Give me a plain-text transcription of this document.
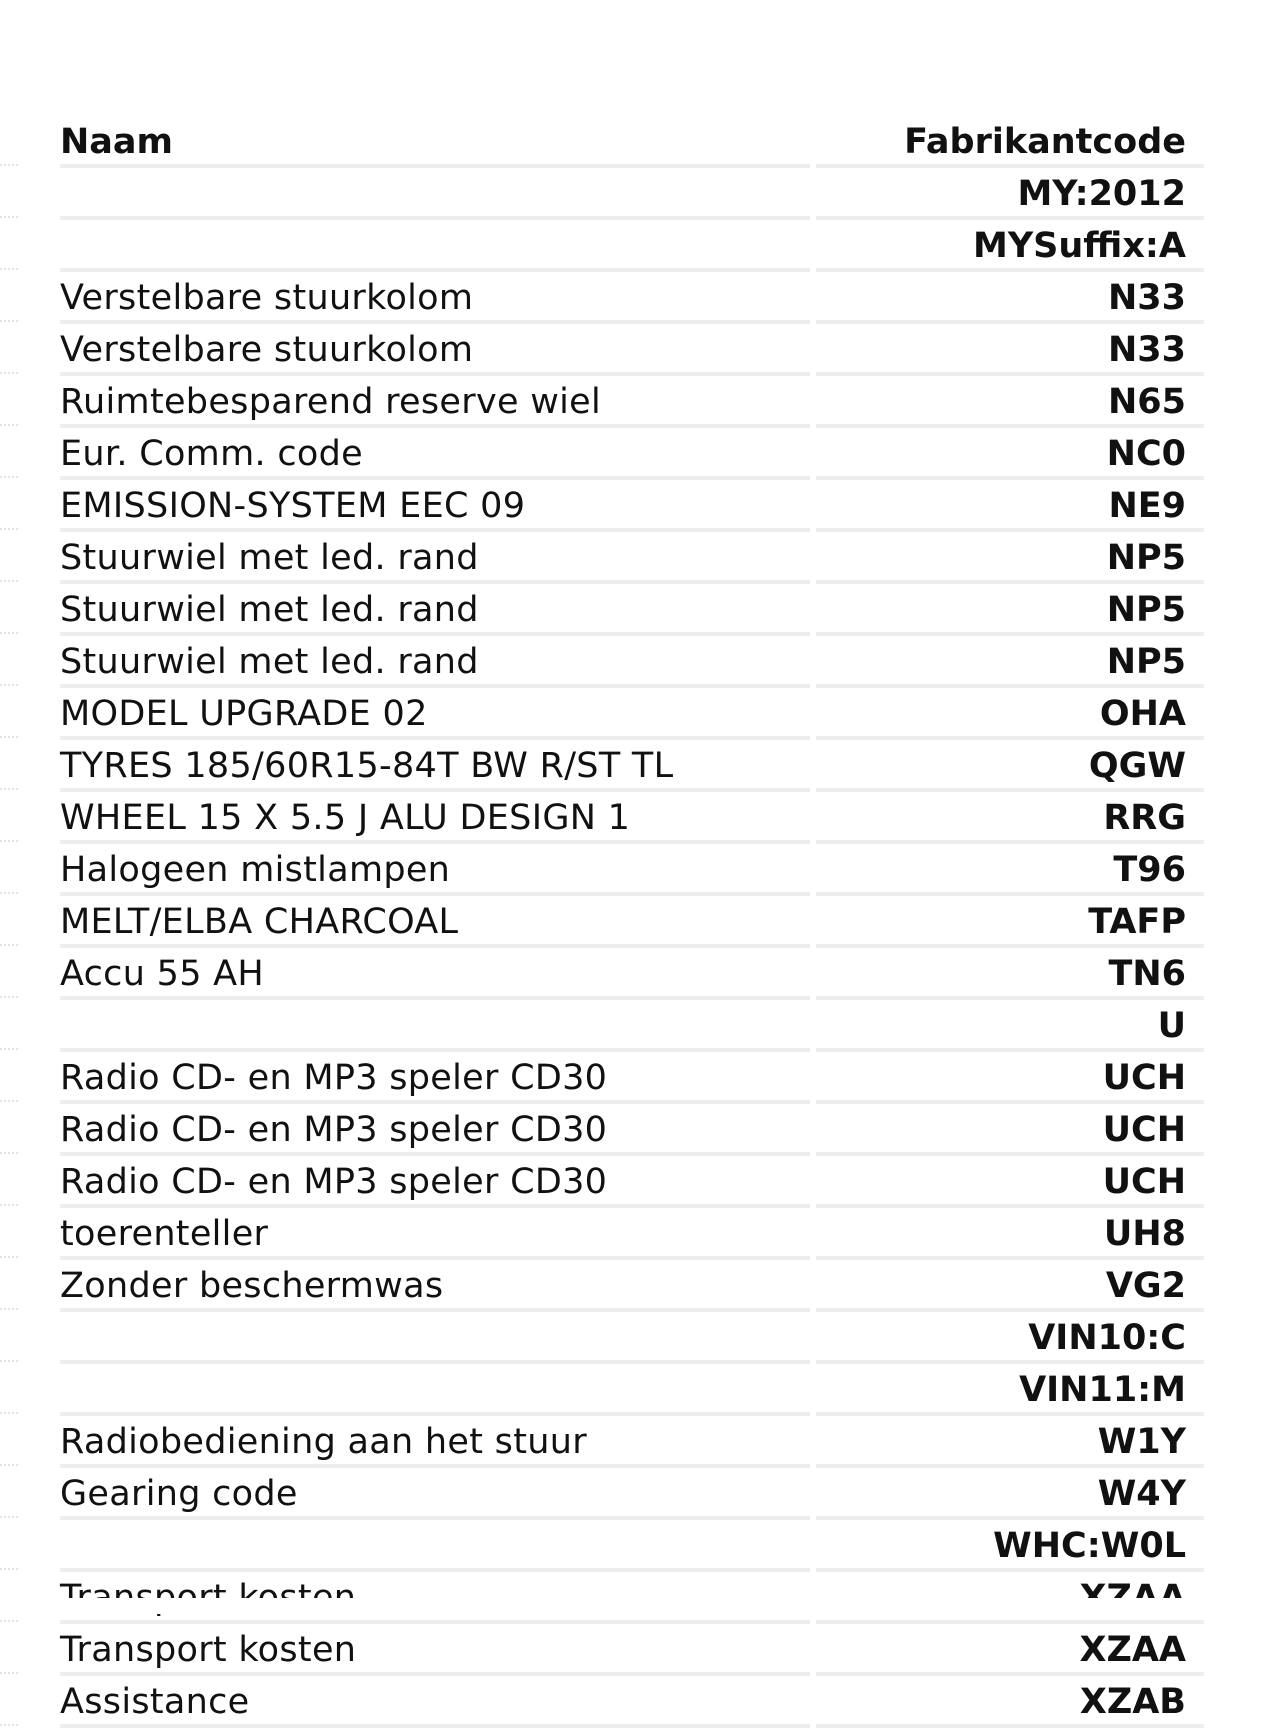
Naam	Fabrikantcode
	MY:2012
	MYSuffix:A
Verstelbare stuurkolom	N33
Verstelbare stuurkolom	N33
Ruimtebesparend reserve wiel	N65
Eur. Comm. code	NC0
EMISSION-SYSTEM EEC 09	NE9
Stuurwiel met led. rand	NP5
Stuurwiel met led. rand	NP5
Stuurwiel met led. rand	NP5
MODEL UPGRADE 02	OHA
TYRES 185/60R15-84T BW R/ST TL	QGW
WHEEL 15 X 5.5 J ALU DESIGN 1	RRG
Halogeen mistlampen	T96
MELT/ELBA CHARCOAL	TAFP
Accu 55 AH	TN6
	U
Radio CD- en MP3 speler CD30	UCH
Radio CD- en MP3 speler CD30	UCH
Radio CD- en MP3 speler CD30	UCH
toerenteller	UH8
Zonder beschermwas	VG2
	VIN10:C
	VIN11:M
Radiobediening aan het stuur	W1Y
Gearing code	W4Y
	WHC:W0L

Transport kosten	XZAA
Assistance	XZAB
